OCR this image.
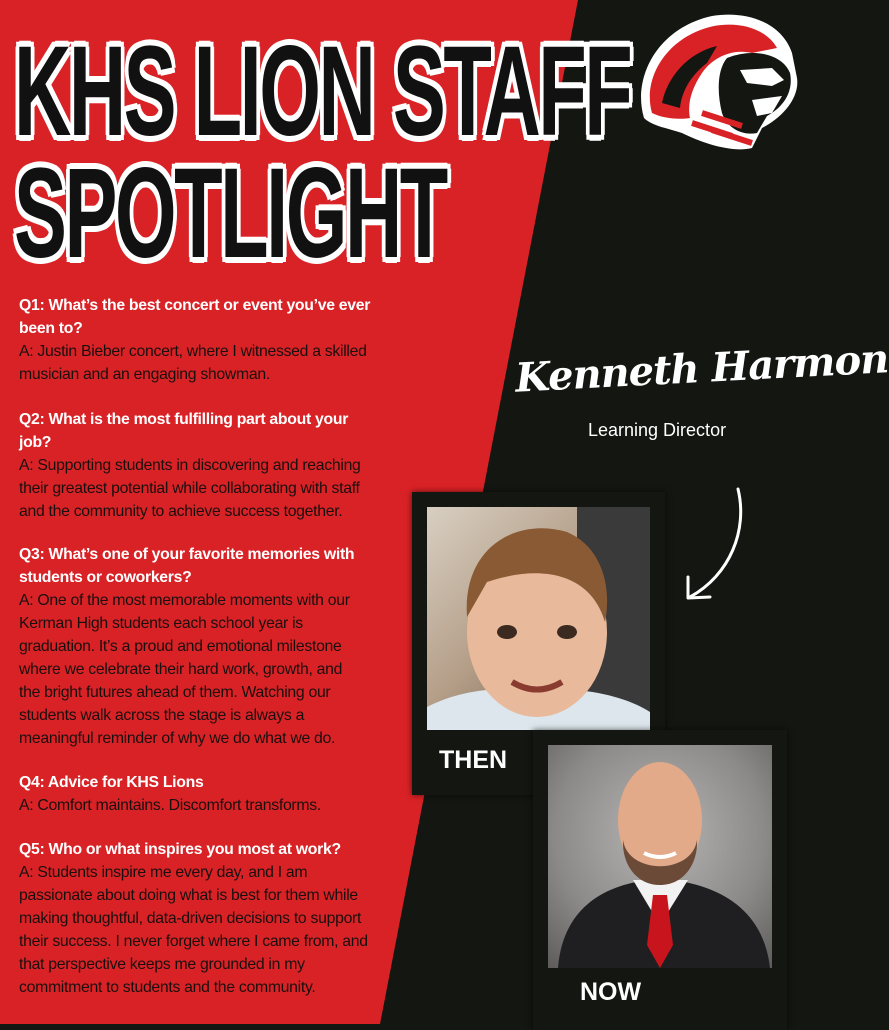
KHS LION STAFF
SPOTLIGHT
Q1: What’s the best concert or event you’ve ever
been to?
A: Justin Bieber concert, where I witnessed a skilled
musician and an engaging showman.
Q2: What is the most fulfilling part about your
job?
A: Supporting students in discovering and reaching
their greatest potential while collaborating with staff
and the community to achieve success together.
Q3: What’s one of your favorite memories with
students or coworkers?
A: One of the most memorable moments with our
Kerman High students each school year is
graduation. It’s a proud and emotional milestone
where we celebrate their hard work, growth, and
the bright futures ahead of them. Watching our
students walk across the stage is always a
meaningful reminder of why we do what we do.
Q4: Advice for KHS Lions
A: Comfort maintains. Discomfort transforms.
Q5: Who or what inspires you most at work?
A: Students inspire me every day, and I am
passionate about doing what is best for them while
making thoughtful, data-driven decisions to support
their success. I never forget where I came from, and
that perspective keeps me grounded in my
commitment to students and the community.
Kenneth Harmon
Learning Director
THEN
NOW
